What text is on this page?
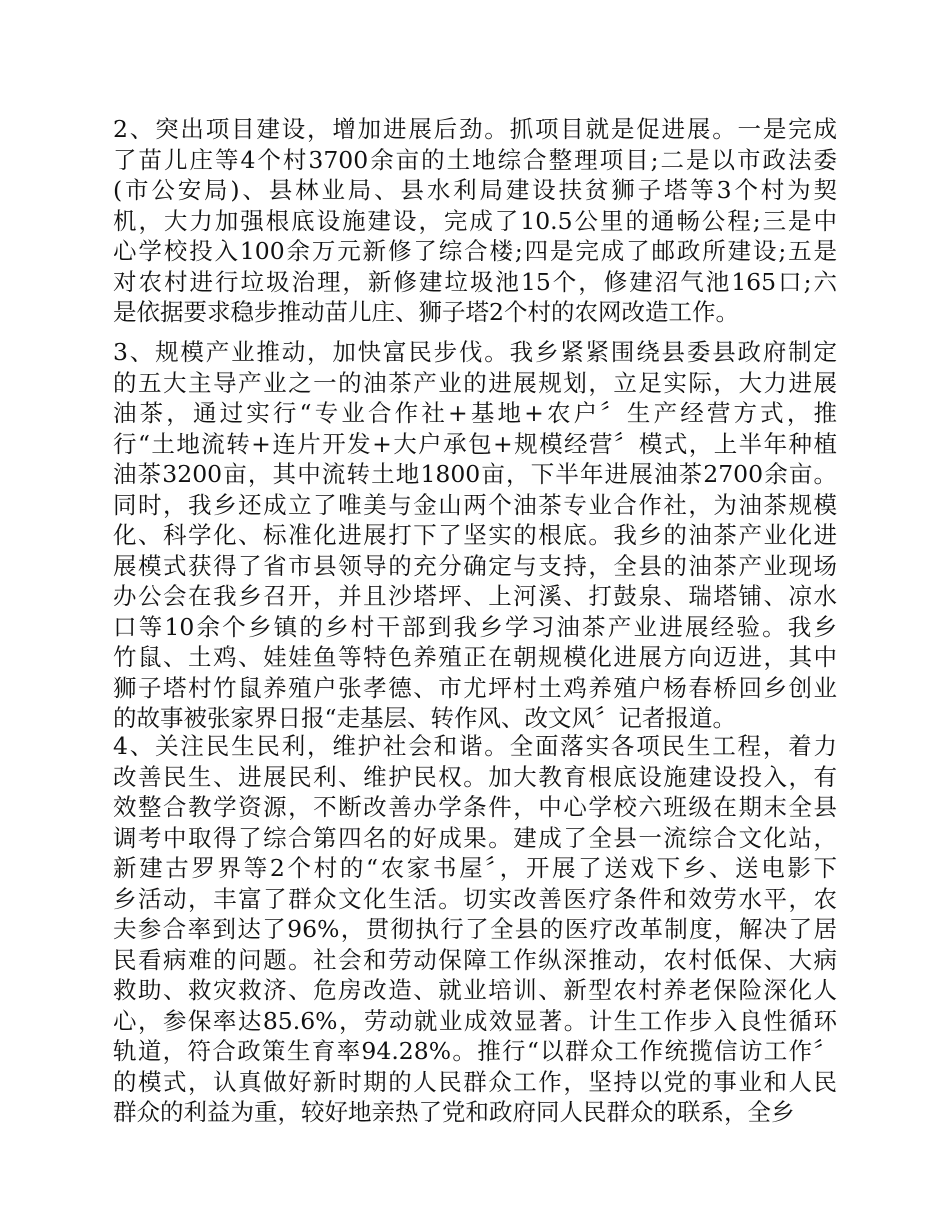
2、突出项目建设，增加进展后劲。抓项目就是促进展。一是完成
了苗儿庄等4个村3700余亩的土地综合整理项目;二是以市政法委
(市公安局)、县林业局、县水利局建设扶贫狮子塔等3个村为契
机，大力加强根底设施建设，完成了10.5公里的通畅公程;三是中
心学校投入100余万元新修了综合楼;四是完成了邮政所建设;五是
对农村进行垃圾治理，新修建垃圾池15个，修建沼气池165口;六
是依据要求稳步推动苗儿庄、狮子塔2个村的农网改造工作。
3、规模产业推动，加快富民步伐。我乡紧紧围绕县委县政府制定
的五大主导产业之一的油茶产业的进展规划，立足实际，大力进展
油茶，通过实行“专业合作社+基地+农户〞生产经营方式，推
行“土地流转+连片开发+大户承包+规模经营〞模式，上半年种植
油茶3200亩，其中流转土地1800亩，下半年进展油茶2700余亩。
同时，我乡还成立了唯美与金山两个油茶专业合作社，为油茶规模
化、科学化、标准化进展打下了坚实的根底。我乡的油茶产业化进
展模式获得了省市县领导的充分确定与支持，全县的油茶产业现场
办公会在我乡召开，并且沙塔坪、上河溪、打鼓泉、瑞塔铺、凉水
口等10余个乡镇的乡村干部到我乡学习油茶产业进展经验。我乡
竹鼠、土鸡、娃娃鱼等特色养殖正在朝规模化进展方向迈进，其中
狮子塔村竹鼠养殖户张孝德、市尤坪村土鸡养殖户杨春桥回乡创业
的故事被张家界日报“走基层、转作风、改文风〞记者报道。
4、关注民生民利，维护社会和谐。全面落实各项民生工程，着力
改善民生、进展民利、维护民权。加大教育根底设施建设投入，有
效整合教学资源，不断改善办学条件，中心学校六班级在期末全县
调考中取得了综合第四名的好成果。建成了全县一流综合文化站，
新建古罗界等2个村的“农家书屋〞，开展了送戏下乡、送电影下
乡活动，丰富了群众文化生活。切实改善医疗条件和效劳水平，农
夫参合率到达了96%，贯彻执行了全县的医疗改革制度，解决了居
民看病难的问题。社会和劳动保障工作纵深推动，农村低保、大病
救助、救灾救济、危房改造、就业培训、新型农村养老保险深化人
心，参保率达85.6%，劳动就业成效显著。计生工作步入良性循环
轨道，符合政策生育率94.28%。推行“以群众工作统揽信访工作〞
的模式，认真做好新时期的人民群众工作，坚持以党的事业和人民
群众的利益为重，较好地亲热了党和政府同人民群众的联系，全乡
